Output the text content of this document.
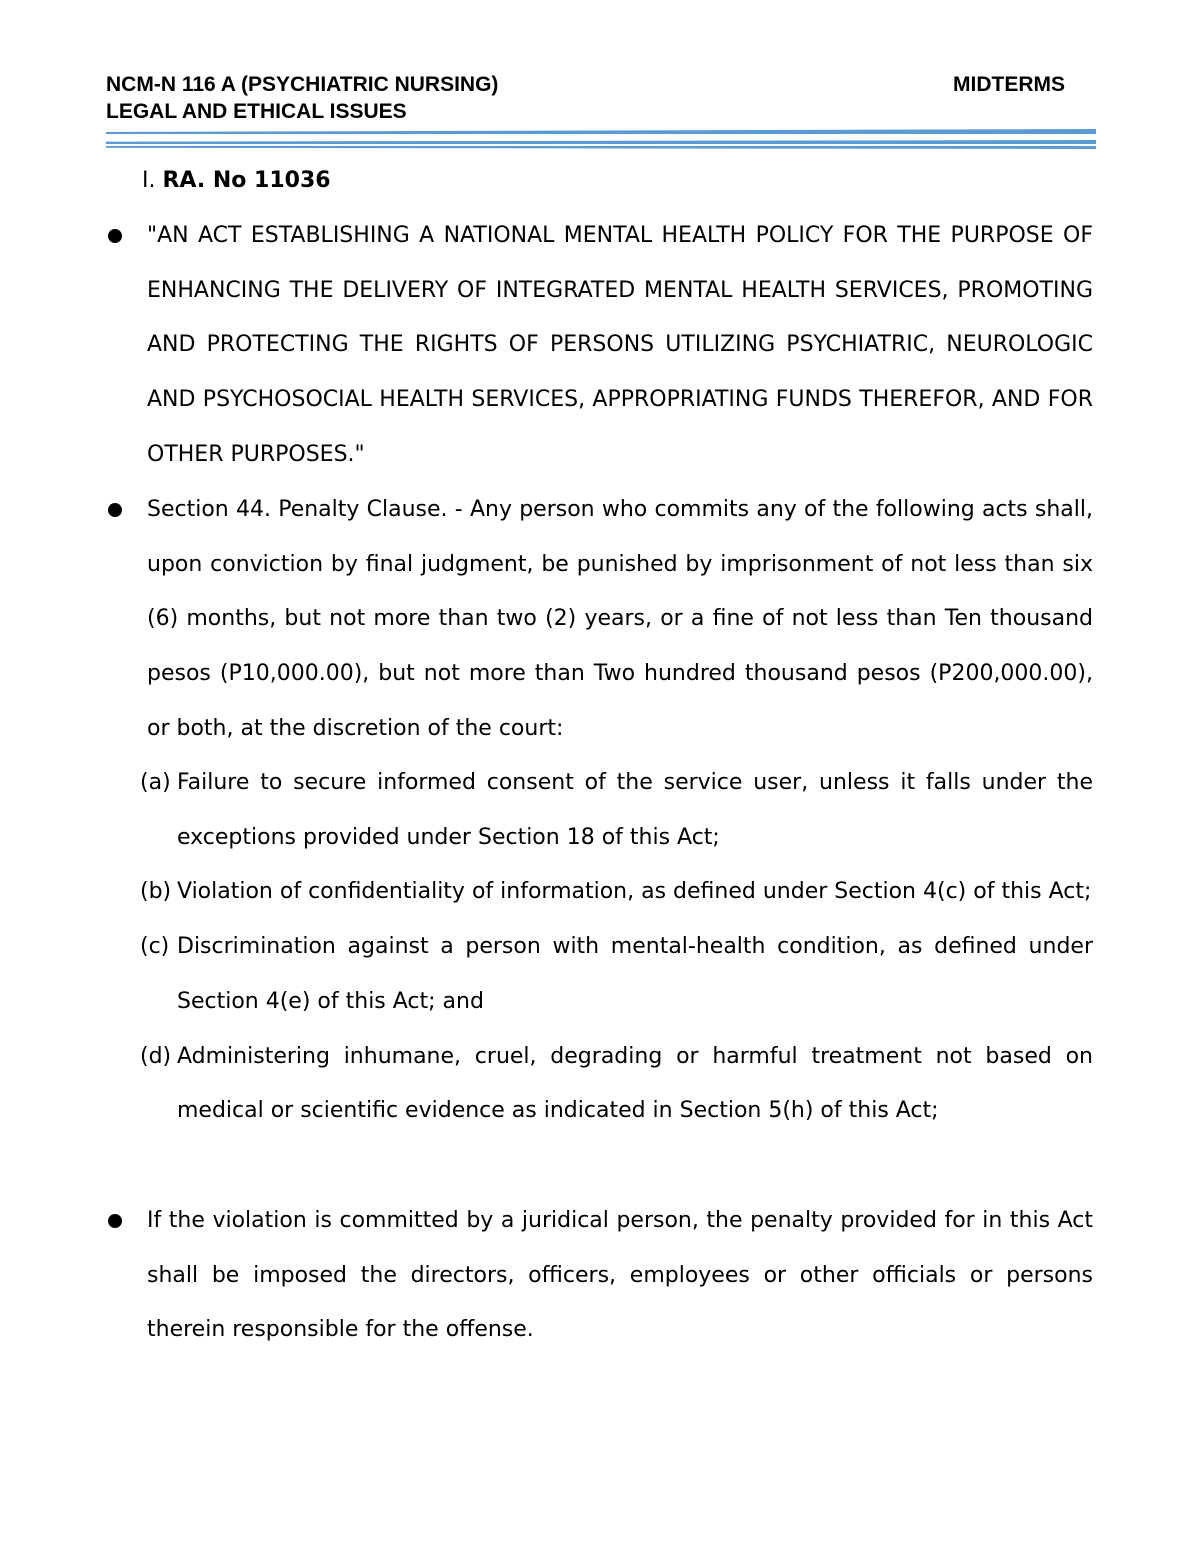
NCM-N 116 A (PSYCHIATRIC NURSING)	MIDTERMS
LEGAL AND ETHICAL ISSUES
I. RA. No 11036

"AN ACT ESTABLISHING A NATIONAL MENTAL HEALTH POLICY FOR THE PURPOSE OF ENHANCING THE DELIVERY OF INTEGRATED MENTAL HEALTH SERVICES, PROMOTING AND PROTECTING THE RIGHTS OF PERSONS UTILIZING PSYCHIATRIC, NEUROLOGIC AND PSYCHOSOCIAL HEALTH SERVICES, APPROPRIATING FUNDS THEREFOR, AND FOR OTHER PURPOSES."

Section 44. Penalty Clause. - Any person who commits any of the following acts shall, upon conviction by final judgment, be punished by imprisonment of not less than six (6) months, but not more than two (2) years, or a fine of not less than Ten thousand pesos (P10,000.00), but not more than Two hundred thousand pesos (P200,000.00), or both, at the discretion of the court:

(a) Failure to secure informed consent of the service user, unless it falls under the exceptions provided under Section 18 of this Act;
(b) Violation of confidentiality of information, as defined under Section 4(c) of this Act;
(c) Discrimination against a person with mental-health condition, as defined under Section 4(e) of this Act; and
(d) Administering inhumane, cruel, degrading or harmful treatment not based on medical or scientific evidence as indicated in Section 5(h) of this Act;

If the violation is committed by a juridical person, the penalty provided for in this Act shall be imposed the directors, officers, employees or other officials or persons therein responsible for the offense.
